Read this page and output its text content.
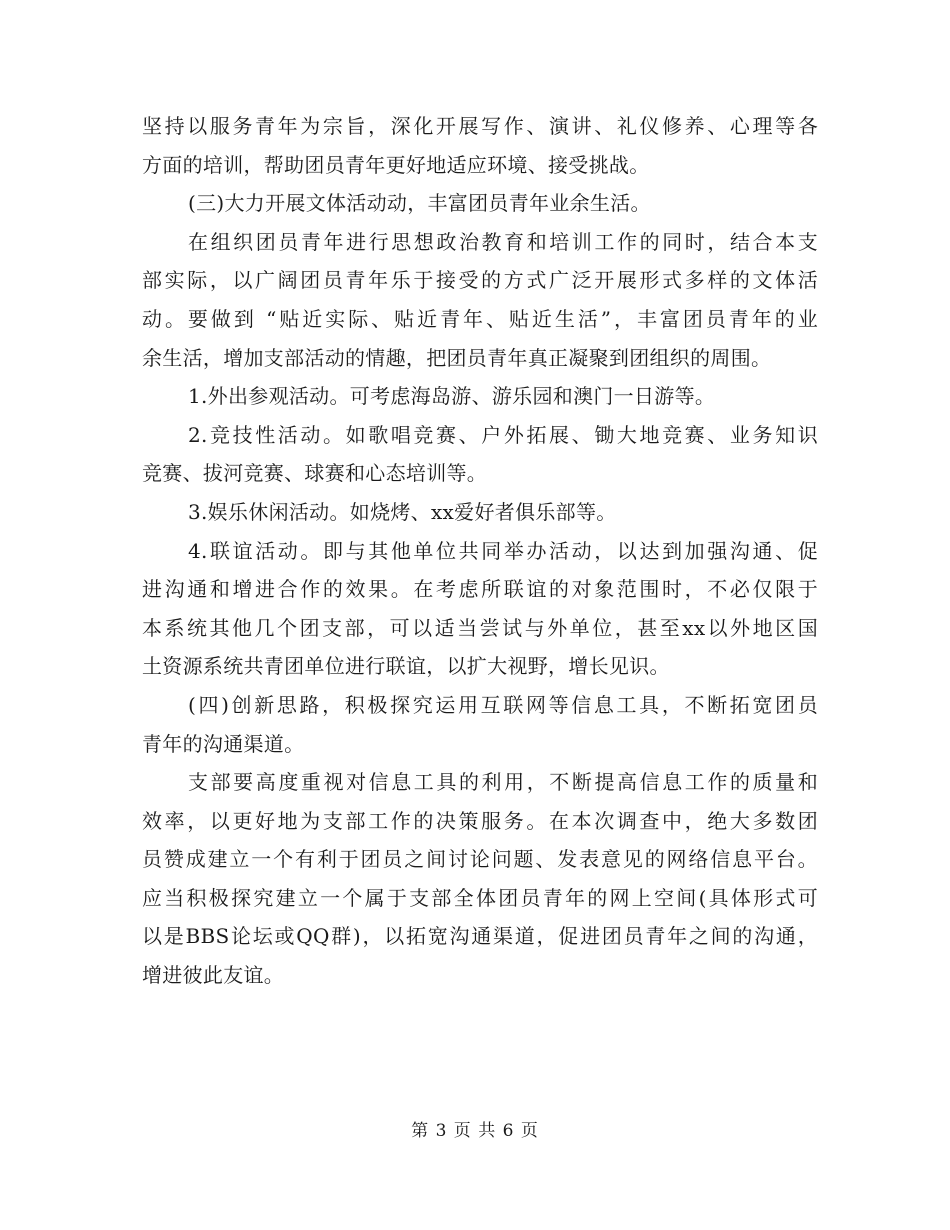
坚持以服务青年为宗旨，深化开展写作、演讲、礼仪修养、心理等各
方面的培训，帮助团员青年更好地适应环境、接受挑战。
(三)大力开展文体活动动，丰富团员青年业余生活。
在组织团员青年进行思想政治教育和培训工作的同时，结合本支
部实际，以广阔团员青年乐于接受的方式广泛开展形式多样的文体活
动。要做到 “贴近实际、贴近青年、贴近生活”，丰富团员青年的业
余生活，增加支部活动的情趣，把团员青年真正凝聚到团组织的周围。
1.外出参观活动。可考虑海岛游、游乐园和澳门一日游等。
2.竞技性活动。如歌唱竞赛、户外拓展、锄大地竞赛、业务知识
竞赛、拔河竞赛、球赛和心态培训等。
3.娱乐休闲活动。如烧烤、xx爱好者俱乐部等。
4.联谊活动。即与其他单位共同举办活动，以达到加强沟通、促
进沟通和增进合作的效果。在考虑所联谊的对象范围时，不必仅限于
本系统其他几个团支部，可以适当尝试与外单位，甚至xx以外地区国
土资源系统共青团单位进行联谊，以扩大视野，增长见识。
(四)创新思路，积极探究运用互联网等信息工具，不断拓宽团员
青年的沟通渠道。
支部要高度重视对信息工具的利用，不断提高信息工作的质量和
效率，以更好地为支部工作的决策服务。在本次调查中，绝大多数团
员赞成建立一个有利于团员之间讨论问题、发表意见的网络信息平台。
应当积极探究建立一个属于支部全体团员青年的网上空间(具体形式可
以是BBS论坛或QQ群)，以拓宽沟通渠道，促进团员青年之间的沟通，
增进彼此友谊。
第 3 页 共 6 页
